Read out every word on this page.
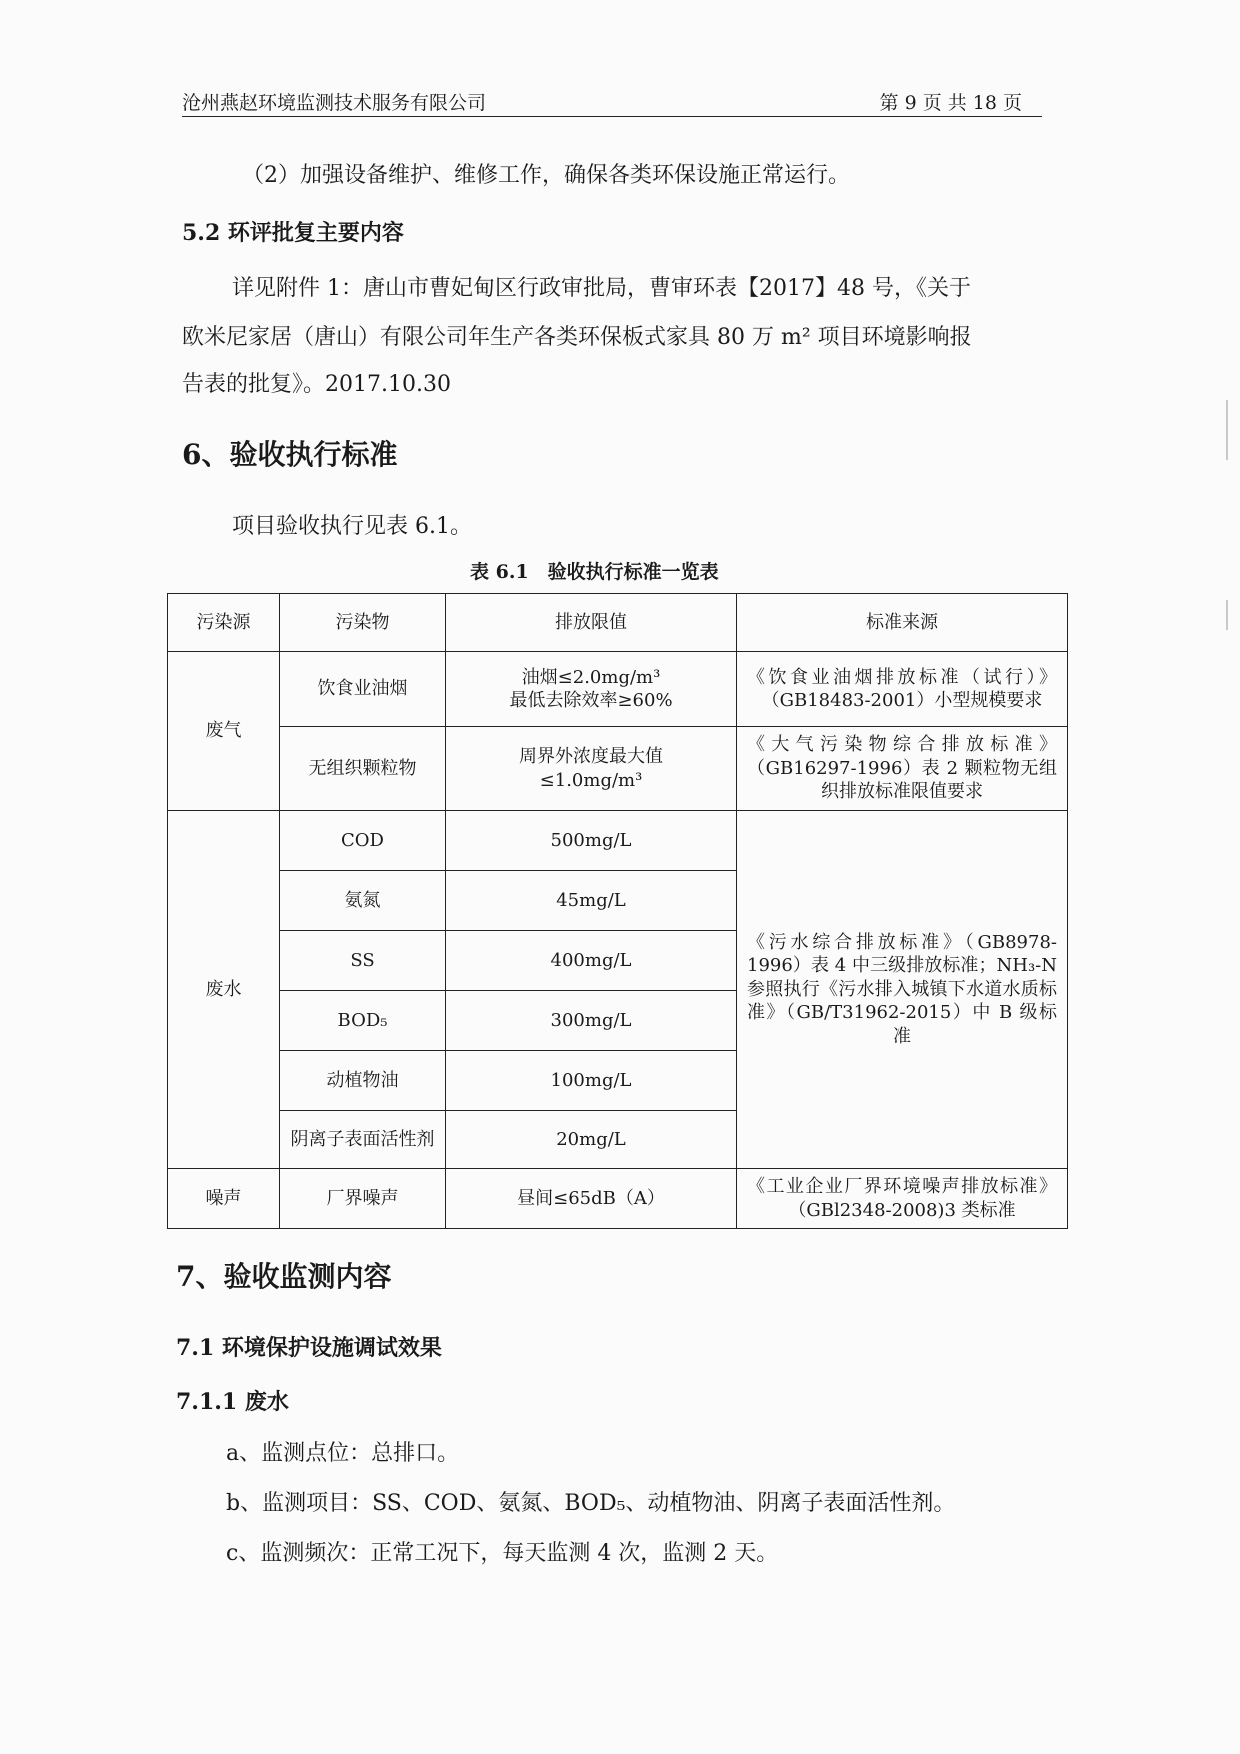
沧州燕赵环境监测技术服务有限公司	第 9 页 共 18 页
（2）加强设备维护、维修工作，确保各类环保设施正常运行。
5.2 环评批复主要内容
详见附件 1：唐山市曹妃甸区行政审批局，曹审环表【2017】48 号，《关于
欧米尼家居（唐山）有限公司年生产各类环保板式家具 80 万 m² 项目环境影响报
告表的批复》。2017.10.30
6、验收执行标准
项目验收执行见表 6.1。
表 6.1　验收执行标准一览表
污染源	污染物	排放限值	标准来源
废气	饮食业油烟	油烟≤2.0mg/m³
最低去除效率≥60%	《饮食业油烟排放标准（试行）》（GB18483-2001）小型规模要求
	无组织颗粒物	周界外浓度最大值
≤1.0mg/m³	《大气污染物综合排放标准》（GB16297-1996）表 2 颗粒物无组织排放标准限值要求
废水	COD	500mg/L	《污水综合排放标准》（GB8978-1996）表 4 中三级排放标准；NH₃-N 参照执行《污水排入城镇下水道水质标准》（GB/T31962-2015）中 B 级标准
	氨氮	45mg/L	
	SS	400mg/L	
	BOD₅	300mg/L	
	动植物油	100mg/L	
	阴离子表面活性剂	20mg/L	
噪声	厂界噪声	昼间≤65dB（A）	《工业企业厂界环境噪声排放标准》（GBl2348-2008)3 类标准
7、验收监测内容
7.1 环境保护设施调试效果
7.1.1 废水
a、监测点位：总排口。
b、监测项目：SS、COD、氨氮、BOD₅、动植物油、阴离子表面活性剂。
c、监测频次：正常工况下，每天监测 4 次，监测 2 天。
